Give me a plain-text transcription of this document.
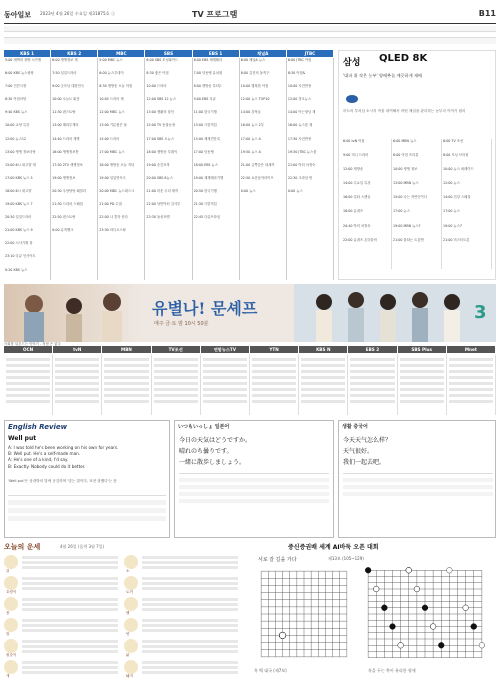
동아일보 2023년 4월 26일 수요일 제31875호 ⓘ	TV 프로그램	B11
KBS 1
5:00 새벽의 창밖 시가생
6:00 KBS 뉴스광장
7:00 인간극장
8:30 아침마당
9:40 KBS 뉴스
10:00 교양 특강
12:00 뉴스12
13:00 생생 정보마당
15:00 6시 내고향 재
17:00 KBS 뉴스 5
18:00 6시 내고향
19:00 KBS 뉴스 7
20:30 일일드라마
21:00 KBS 뉴스 9
22:00 시사기획 창
23:10 다큐 인사이트
0:20 KBS 뉴스
KBS 2
6:00 생생정보 재
7:50 일일드라마
9:00 굿모닝 대한민국
10:00 오늘도 맑음
11:30 편스토랑
13:00 해피투게더
14:40 드라마 재방
16:00 생생정보통
17:50 2TV 생생정보
19:00 생생정보
20:30 우당탕탕 패밀리
21:30 드라마 스페셜
22:50 편스토랑
0:00 뮤직뱅크
MBC
5:00 MBC 뉴스
6:00 뉴스투데이
8:30 생방송 오늘 아침
10:05 드라마 재
12:00 MBC 뉴스
13:00 기분좋은 날
15:00 드라마
17:00 MBC 뉴스
18:00 생방송 오늘 저녁
19:00 일일연속극
20:00 MBC 뉴스데스크
21:00 PD 수첩
22:00 나 혼자 산다
23:30 라디오스타
SBS
6:00 SBS 모닝와이드
8:30 좋은 아침
10:00 드라마
12:00 SBS 12 뉴스
13:00 생활의 달인
15:00 TV 동물농장
17:00 SBS 오뉴스
18:00 생방송 투데이
19:00 순간포착
20:00 SBS 8뉴스
21:00 미운 우리 새끼
22:00 낭만닥터 김사부
23:30 돌싱포맨
EBS 1
6:00 EBS 세계테마
7:00 딩동댕 유치원
8:00 생방송 톡!톡!
9:00 EBS 다큐
11:00 한국기행
13:00 극한직업
15:00 세계견문록
17:00 딩동댕
18:00 EBS 뉴스
19:00 세계테마기행
20:50 한국기행
21:30 극한직업
22:45 다큐프라임
채널A
6:00 채널A 뉴스
8:00 김진의 돌직구
10:00 행복한 아침
12:00 뉴스 TOP10
14:00 강적들
16:00 뉴스 2부
17:00 뉴스 A
19:50 뉴스 A
21:00 금쪽같은 내새끼
22:50 요즘남자라이프
0:00 뉴스
JTBC
6:00 JTBC 아침
8:30 아침&
10:00 사건반장
12:00 정오뉴스
14:00 아는형님 재
16:00 뉴스룸 재
17:30 사건반장
19:30 JTBC 뉴스룸
21:00 닥터 차정숙
22:30 크라임 씬
0:00 뉴스
삼성 QLED 8K
'대파 위 작은 농부' 양배추를 깨끗하게 재배
마트의 부처님 소시지 작물 대여해서 어떤 채널을 관리하는 농부의 이야기 원리
6:00 tvN 아침
9:00 미니 드라마
12:00 재방송
14:00 수요일 특강
16:00 일타 스캔들
18:00 유퀴즈
20:40 닥터 차정숙
22:00 유퀴즈 온더블럭
6:00 MBN 뉴스
8:00 아침 프리뷰
10:00 생생 정보
13:00 MBN 뉴스
15:00 나는 자연인이다
17:00 뉴스
19:00 MBN 뉴스7
21:00 불타는 트롯맨
6:00 TV 조선
8:00 모닝 브리핑
10:00 뉴스 퍼레이드
12:00 뉴스
14:00 건강 스페셜
17:00 뉴스
19:00 뉴스7
21:00 미스터트롯
유별나! 문셰프
매주 금·토 밤 10시 50분
3
사회를 뒤흔드는 이야기 - 정답 은 없다
OCN	tvN	MBN	TV조선	연합뉴스TV	YTN	KBS N	EBS 2	SBS Plus	Mnet
English Review
Well put
A: I was told he's been working on his own for years.
B: Well put. He's a self-made man.
A: He's one of a kind, I'd say.
B: Exactly. Nobody could do it better.
'Well put'은 상대방의 말에 공감하며 '맞는 말이다, 표현 잘했다'는 뜻
いつもいっしょ 일본어
今日の天気はどうですか。
晴れのち曇りです。
一緒に散歩しましょう。
생활 중국어
今天天气怎么样？
天气很好。
我们一起去吧。
오늘의 운세	4월 26일 (음력 3월 7일)
쥐	소
호랑이	토끼
용	뱀
말	양
원숭이	닭
개	돼지
중신증권배 세계 AI바둑 오픈 대회
서로 갈 길을 가다	제13보 (105~129)
흑 백 대국 (제7보)	흑을 두는 쪽이 유리한 형세
